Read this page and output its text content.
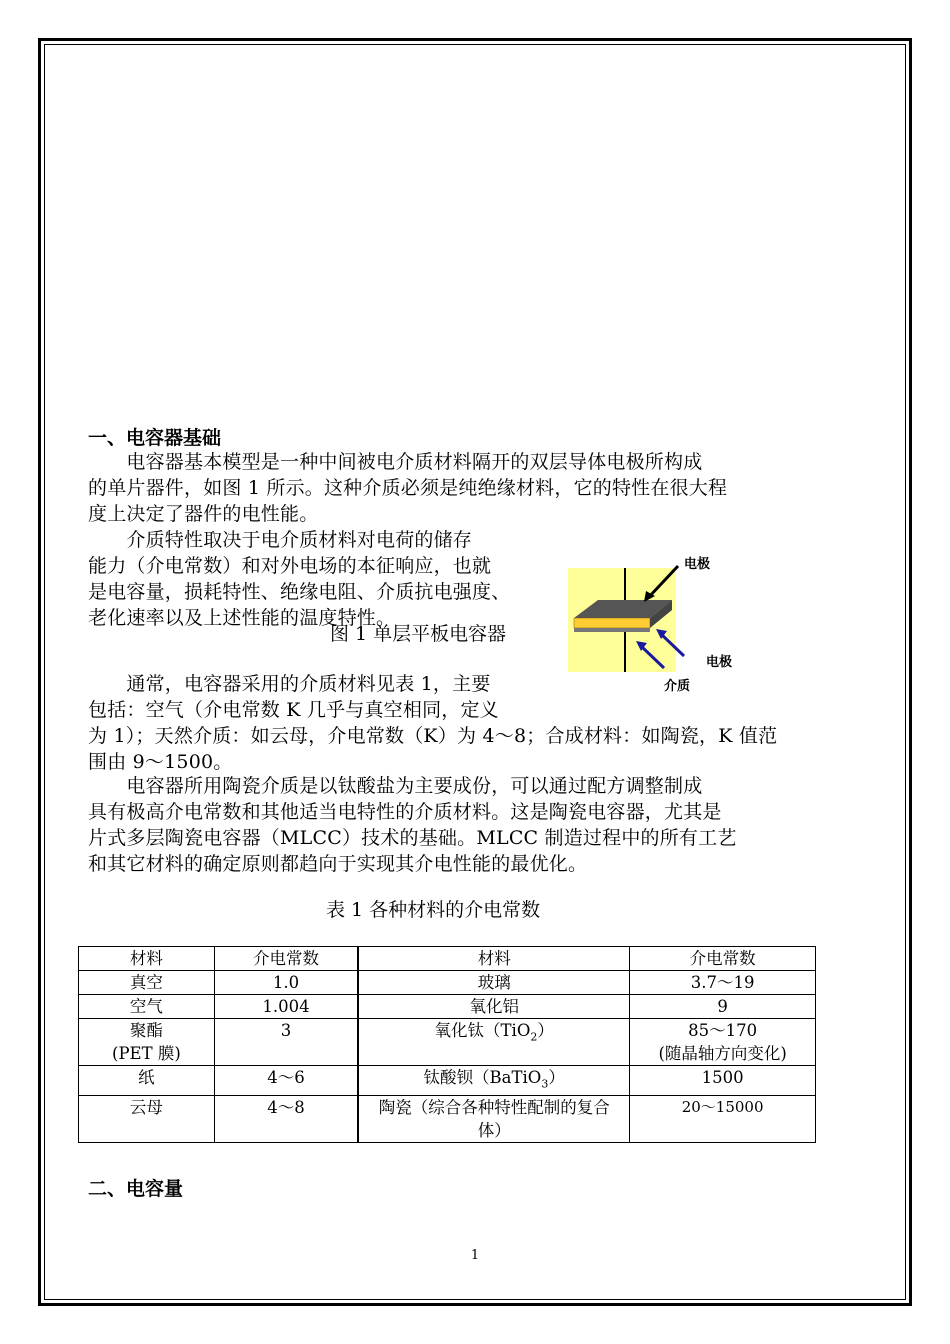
一、电容器基础
　　电容器基本模型是一种中间被电介质材料隔开的双层导体电极所构成
的单片器件，如图 1 所示。这种介质必须是纯绝缘材料，它的特性在很大程
度上决定了器件的电性能。
　　介质特性取决于电介质材料对电荷的储存
能力（介电常数）和对外电场的本征响应，也就
是电容量，损耗特性、绝缘电阻、介质抗电强度、
老化速率以及上述性能的温度特性。
图 1 单层平板电容器
电极
电极
介质
　　通常，电容器采用的介质材料见表 1，主要
包括：空气（介电常数 K 几乎与真空相同，定义
为 1）；天然介质：如云母，介电常数（K）为 4～8；合成材料：如陶瓷，K 值范
围由 9～1500。
　　电容器所用陶瓷介质是以钛酸盐为主要成份，可以通过配方调整制成
具有极高介电常数和其他适当电特性的介质材料。这是陶瓷电容器，尤其是
片式多层陶瓷电容器（MLCC）技术的基础。MLCC 制造过程中的所有工艺
和其它材料的确定原则都趋向于实现其介电性能的最优化。
表 1 各种材料的介电常数
材料	介电常数	材料	介电常数
真空	1.0	玻璃	3.7～19
空气	1.004	氧化铝	9
聚酯
(PET 膜)	3	氧化钛（TiO$_2$）	85～170
(随晶轴方向变化)
纸	4～6	钛酸钡（BaTiO$_3$）	1500
云母	4～8	陶瓷（综合各种特性配制的复合
体）	20～15000
二、电容量
1
